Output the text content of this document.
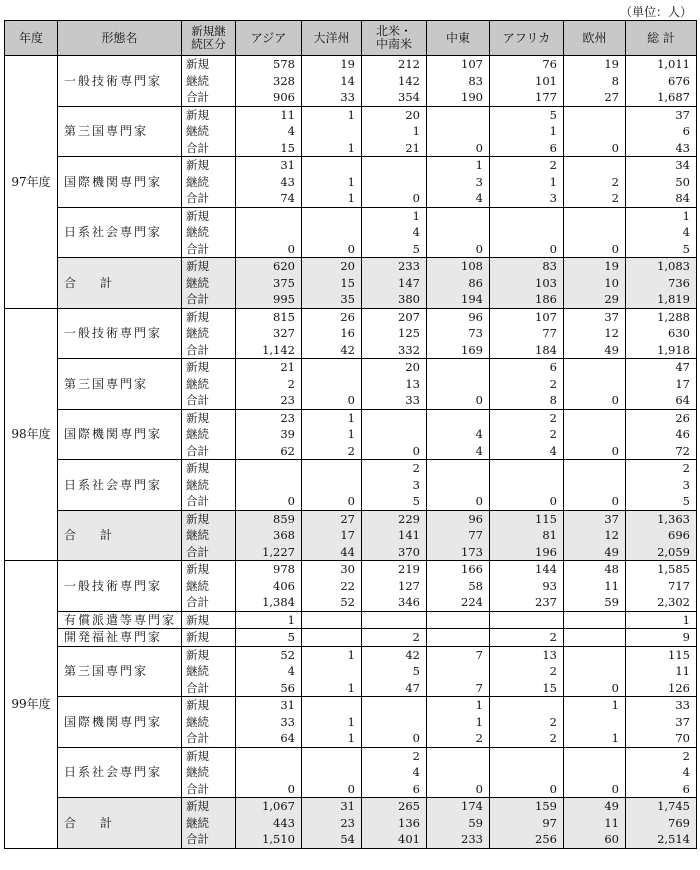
（単位：人）
年度	形態名	新規継
続区分	アジア	大洋州	北米・
中南米	中東	アフリカ	欧州	総 計
97年度	一般技術専門家	新規	578	19	212	107	76	19	1,011
		継続	328	14	142	83	101	8	676
		合計	906	33	354	190	177	27	1,687
	第三国専門家	新規	11	1	20		5		37
		継続	4		1		1		6
		合計	15	1	21	0	6	0	43
	国際機関専門家	新規	31			1	2		34
		継続	43	1		3	1	2	50
		合計	74	1	0	4	3	2	84
	日系社会専門家	新規			1				1
		継続			4				4
		合計	0	0	5	0	0	0	5
	合　　計	新規	620	20	233	108	83	19	1,083
		継続	375	15	147	86	103	10	736
		合計	995	35	380	194	186	29	1,819
98年度	一般技術専門家	新規	815	26	207	96	107	37	1,288
		継続	327	16	125	73	77	12	630
		合計	1,142	42	332	169	184	49	1,918
	第三国専門家	新規	21		20		6		47
		継続	2		13		2		17
		合計	23	0	33	0	8	0	64
	国際機関専門家	新規	23	1			2		26
		継続	39	1		4	2		46
		合計	62	2	0	4	4	0	72
	日系社会専門家	新規			2				2
		継続			3				3
		合計	0	0	5	0	0	0	5
	合　　計	新規	859	27	229	96	115	37	1,363
		継続	368	17	141	77	81	12	696
		合計	1,227	44	370	173	196	49	2,059
99年度	一般技術専門家	新規	978	30	219	166	144	48	1,585
		継続	406	22	127	58	93	11	717
		合計	1,384	52	346	224	237	59	2,302
	有償派遣等専門家	新規	1						1
	開発福祉専門家	新規	5		2		2		9
	第三国専門家	新規	52	1	42	7	13		115
		継続	4		5		2		11
		合計	56	1	47	7	15	0	126
	国際機関専門家	新規	31			1		1	33
		継続	33	1		1	2		37
		合計	64	1	0	2	2	1	70
	日系社会専門家	新規			2				2
		継続			4				4
		合計	0	0	6	0	0	0	6
	合　　計	新規	1,067	31	265	174	159	49	1,745
		継続	443	23	136	59	97	11	769
		合計	1,510	54	401	233	256	60	2,514
